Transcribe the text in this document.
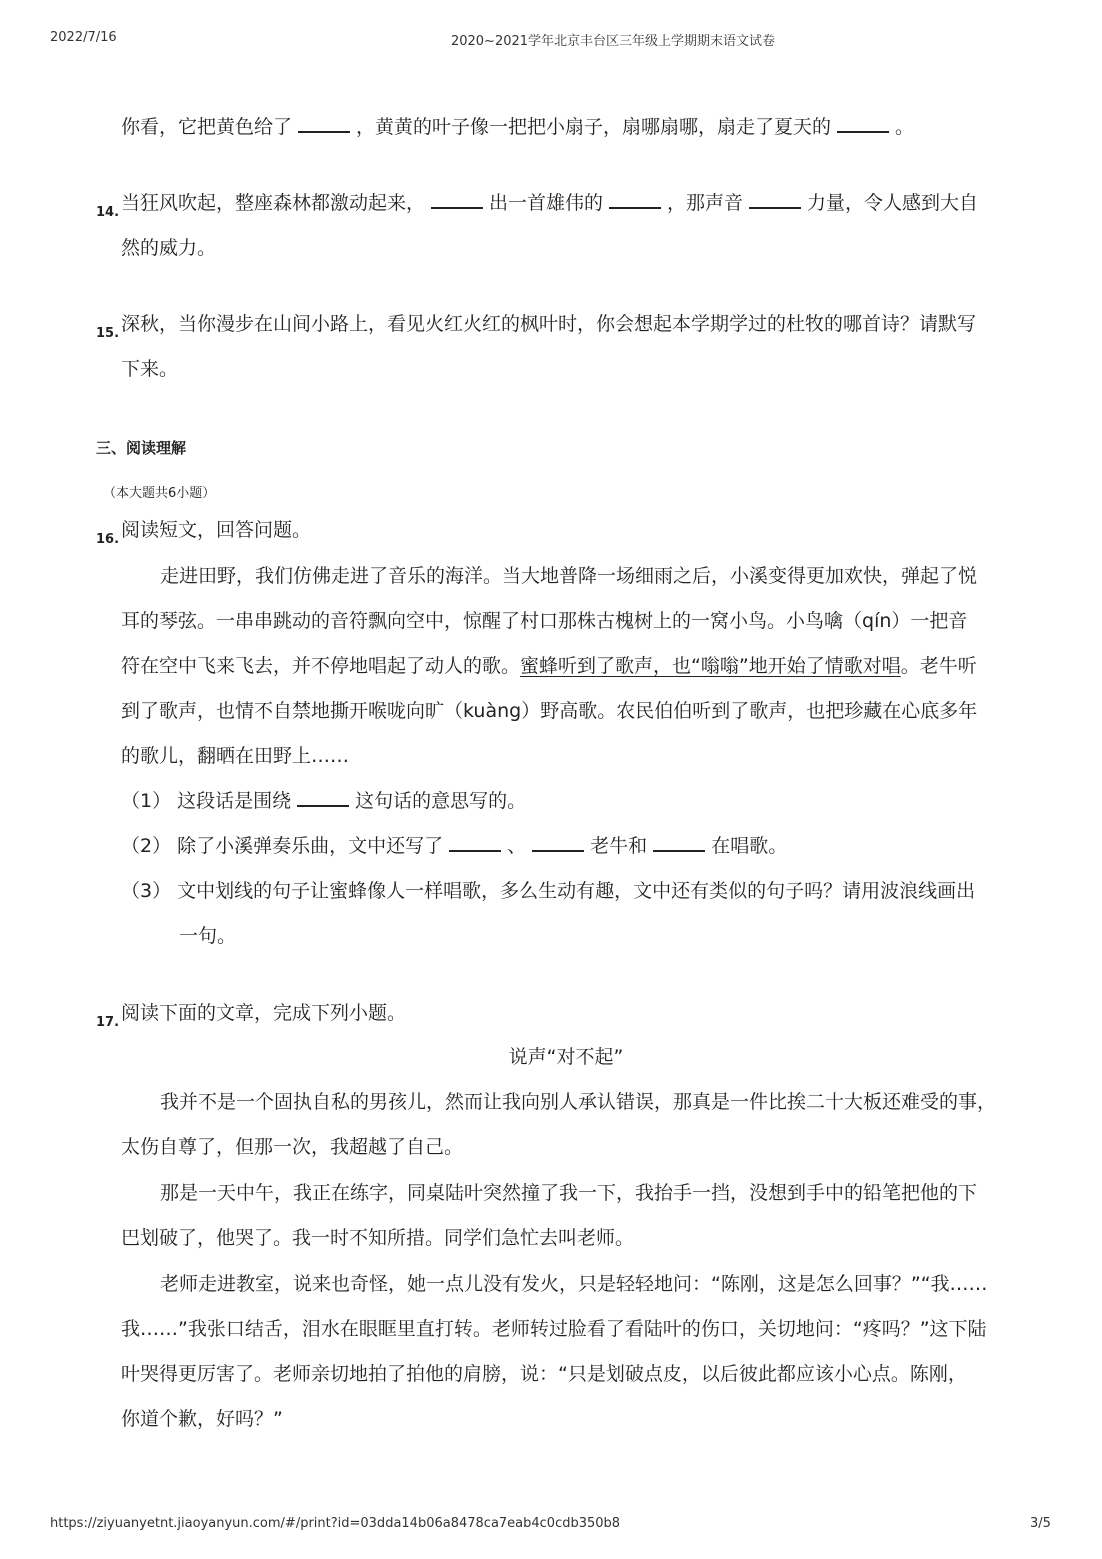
2022/7/16	2020~2021学年北京丰台区三年级上学期期末语文试卷
你看，它把黄色给了	，黄黄的叶子像一把把小扇子，扇哪扇哪，扇走了夏天的	。
14. 当狂风吹起，整座森林都激动起来，	出一首雄伟的	，那声音	力量，令人感到大自
然的威力。
15. 深秋，当你漫步在山间小路上，看见火红火红的枫叶时，你会想起本学期学过的杜牧的哪首诗？请默写
下来。
三、阅读理解
（本大题共6小题）
16. 阅读短文，回答问题。
走进田野，我们仿佛走进了音乐的海洋。当大地普降一场细雨之后，小溪变得更加欢快，弹起了悦
耳的琴弦。一串串跳动的音符飘向空中，惊醒了村口那株古槐树上的一窝小鸟。小鸟噙（qín）一把音
符在空中飞来飞去，并不停地唱起了动人的歌。蜜蜂听到了歌声，也“嗡嗡”地开始了情歌对唱。老牛听
到了歌声，也情不自禁地撕开喉咙向旷（kuàng）野高歌。农民伯伯听到了歌声，也把珍藏在心底多年
的歌儿，翻晒在田野上……
（1） 这段话是围绕	这句话的意思写的。
（2） 除了小溪弹奏乐曲，文中还写了	、	老牛和	在唱歌。
（3） 文中划线的句子让蜜蜂像人一样唱歌，多么生动有趣，文中还有类似的句子吗？请用波浪线画出
一句。
17. 阅读下面的文章，完成下列小题。
说声“对不起”
我并不是一个固执自私的男孩儿，然而让我向别人承认错误，那真是一件比挨二十大板还难受的事，
太伤自尊了，但那一次，我超越了自己。
那是一天中午，我正在练字，同桌陆叶突然撞了我一下，我抬手一挡，没想到手中的铅笔把他的下
巴划破了，他哭了。我一时不知所措。同学们急忙去叫老师。
老师走进教室，说来也奇怪，她一点儿没有发火，只是轻轻地问：“陈刚，这是怎么回事？”“我……
我……”我张口结舌，泪水在眼眶里直打转。老师转过脸看了看陆叶的伤口，关切地问：“疼吗？”这下陆
叶哭得更厉害了。老师亲切地拍了拍他的肩膀，说：“只是划破点皮，以后彼此都应该小心点。陈刚，
你道个歉，好吗？”
https://ziyuanyetnt.jiaoyanyun.com/#/print?id=03dda14b06a8478ca7eab4c0cdb350b8	3/5
